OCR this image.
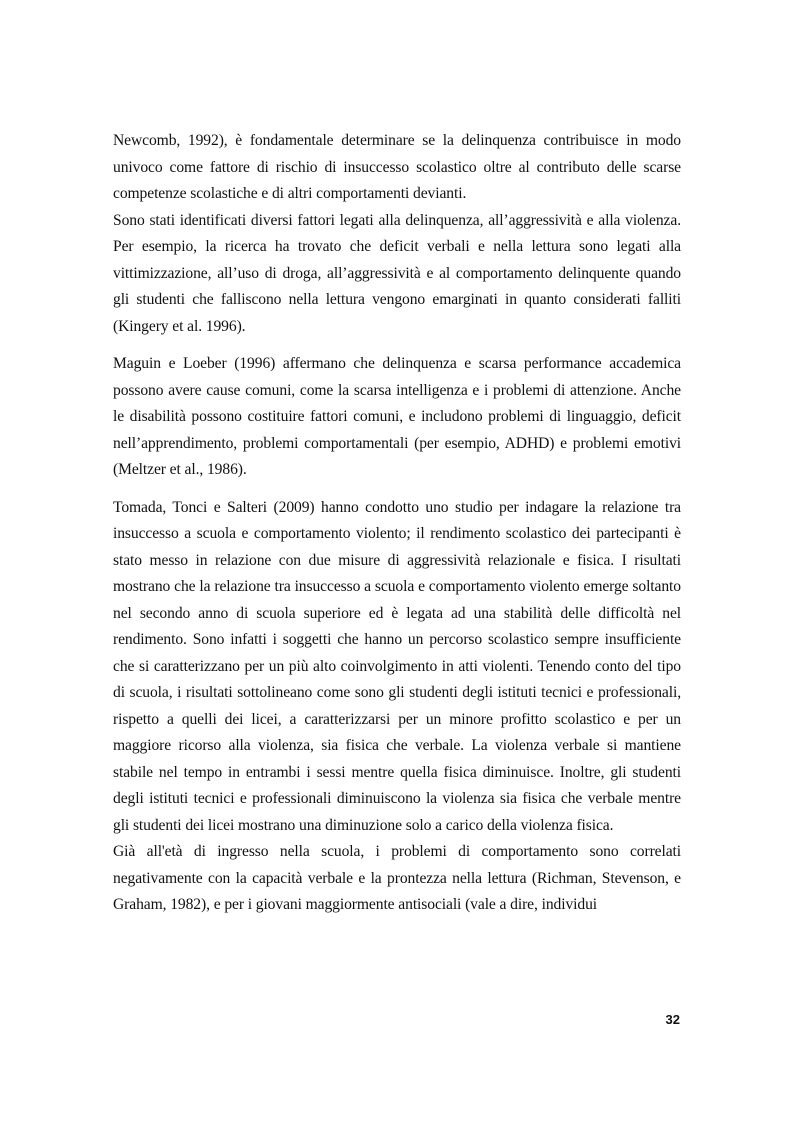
Newcomb, 1992), è fondamentale determinare se la delinquenza contribuisce in modo univoco come fattore di rischio di insuccesso scolastico oltre al contributo delle scarse competenze scolastiche e di altri comportamenti devianti.

Sono stati identificati diversi fattori legati alla delinquenza, all’aggressività e alla violenza. Per esempio, la ricerca ha trovato che deficit verbali e nella lettura sono legati alla vittimizzazione, all’uso di droga, all’aggressività e al comportamento delinquente quando gli studenti che falliscono nella lettura vengono emarginati in quanto considerati falliti (Kingery et al. 1996).

Maguin e Loeber (1996) affermano che delinquenza e scarsa performance accademica possono avere cause comuni, come la scarsa intelligenza e i problemi di attenzione. Anche le disabilità possono costituire fattori comuni, e includono problemi di linguaggio, deficit nell’apprendimento, problemi comportamentali (per esempio, ADHD) e problemi emotivi (Meltzer et al., 1986).

Tomada, Tonci e Salteri (2009) hanno condotto uno studio per indagare la relazione tra insuccesso a scuola e comportamento violento; il rendimento scolastico dei partecipanti è stato messo in relazione con due misure di aggressività relazionale e fisica. I risultati mostrano che la relazione tra insuccesso a scuola e comportamento violento emerge soltanto nel secondo anno di scuola superiore ed è legata ad una stabilità delle difficoltà nel rendimento. Sono infatti i soggetti che hanno un percorso scolastico sempre insufficiente che si caratterizzano per un più alto coinvolgimento in atti violenti. Tenendo conto del tipo di scuola, i risultati sottolineano come sono gli studenti degli istituti tecnici e professionali, rispetto a quelli dei licei, a caratterizzarsi per un minore profitto scolastico e per un maggiore ricorso alla violenza, sia fisica che verbale. La violenza verbale si mantiene stabile nel tempo in entrambi i sessi mentre quella fisica diminuisce. Inoltre, gli studenti degli istituti tecnici e professionali diminuiscono la violenza sia fisica che verbale mentre gli studenti dei licei mostrano una diminuzione solo a carico della violenza fisica.

Già all'età di ingresso nella scuola, i problemi di comportamento sono correlati negativamente con la capacità verbale e la prontezza nella lettura (Richman, Stevenson, e Graham, 1982), e per i giovani maggiormente antisociali (vale a dire, individui

32
